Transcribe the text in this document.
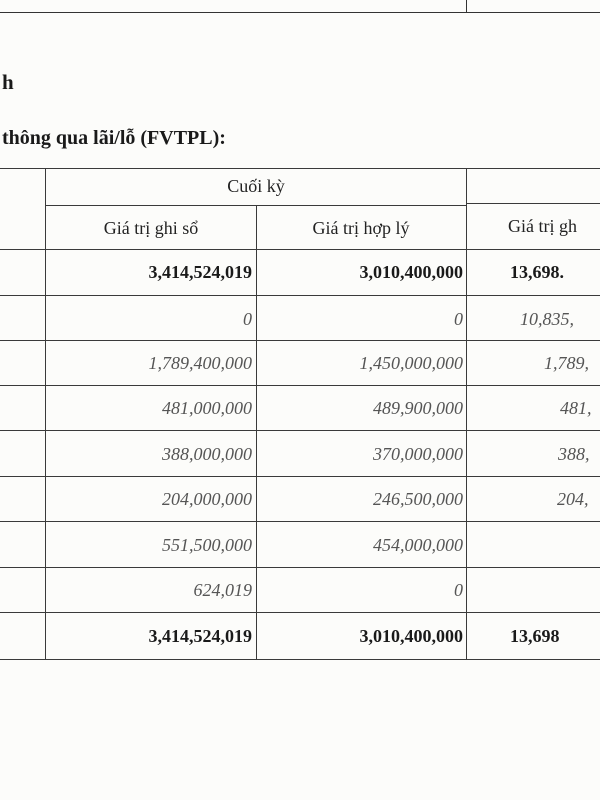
h
thông qua lãi/lỗ (FVTPL):
Cuối kỳ
Giá trị ghi sổ	Giá trị hợp lý	Giá trị gh
3,414,524,019	3,010,400,000	13,698.
0	0	10,835,
1,789,400,000	1,450,000,000	1,789,
481,000,000	489,900,000	481,
388,000,000	370,000,000	388,
204,000,000	246,500,000	204,
551,500,000	454,000,000
624,019	0
3,414,524,019	3,010,400,000	13,698
